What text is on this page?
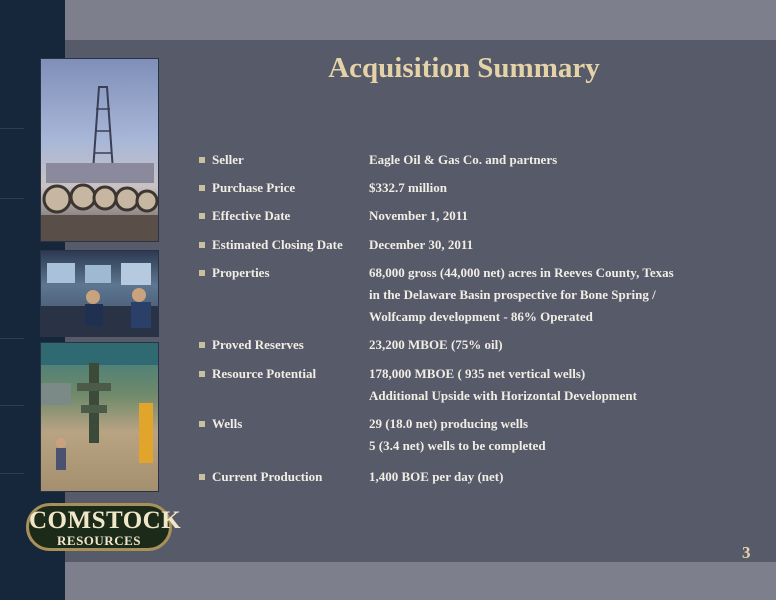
COMSTOCK
RESOURCES
Acquisition Summary
Seller	Eagle Oil & Gas Co. and partners
Purchase Price	$332.7 million
Effective Date	November 1, 2011
Estimated Closing Date December 30, 2011
Properties	68,000 gross (44,000 net) acres in Reeves County, Texas
in the Delaware Basin prospective for Bone Spring /
Wolfcamp development - 86% Operated
Proved Reserves	23,200 MBOE (75% oil)
Resource Potential	178,000 MBOE ( 935 net vertical wells)
Additional Upside with Horizontal Development
Wells	29 (18.0 net) producing wells
5 (3.4 net) wells to be completed
Current Production	1,400 BOE per day (net)
3
